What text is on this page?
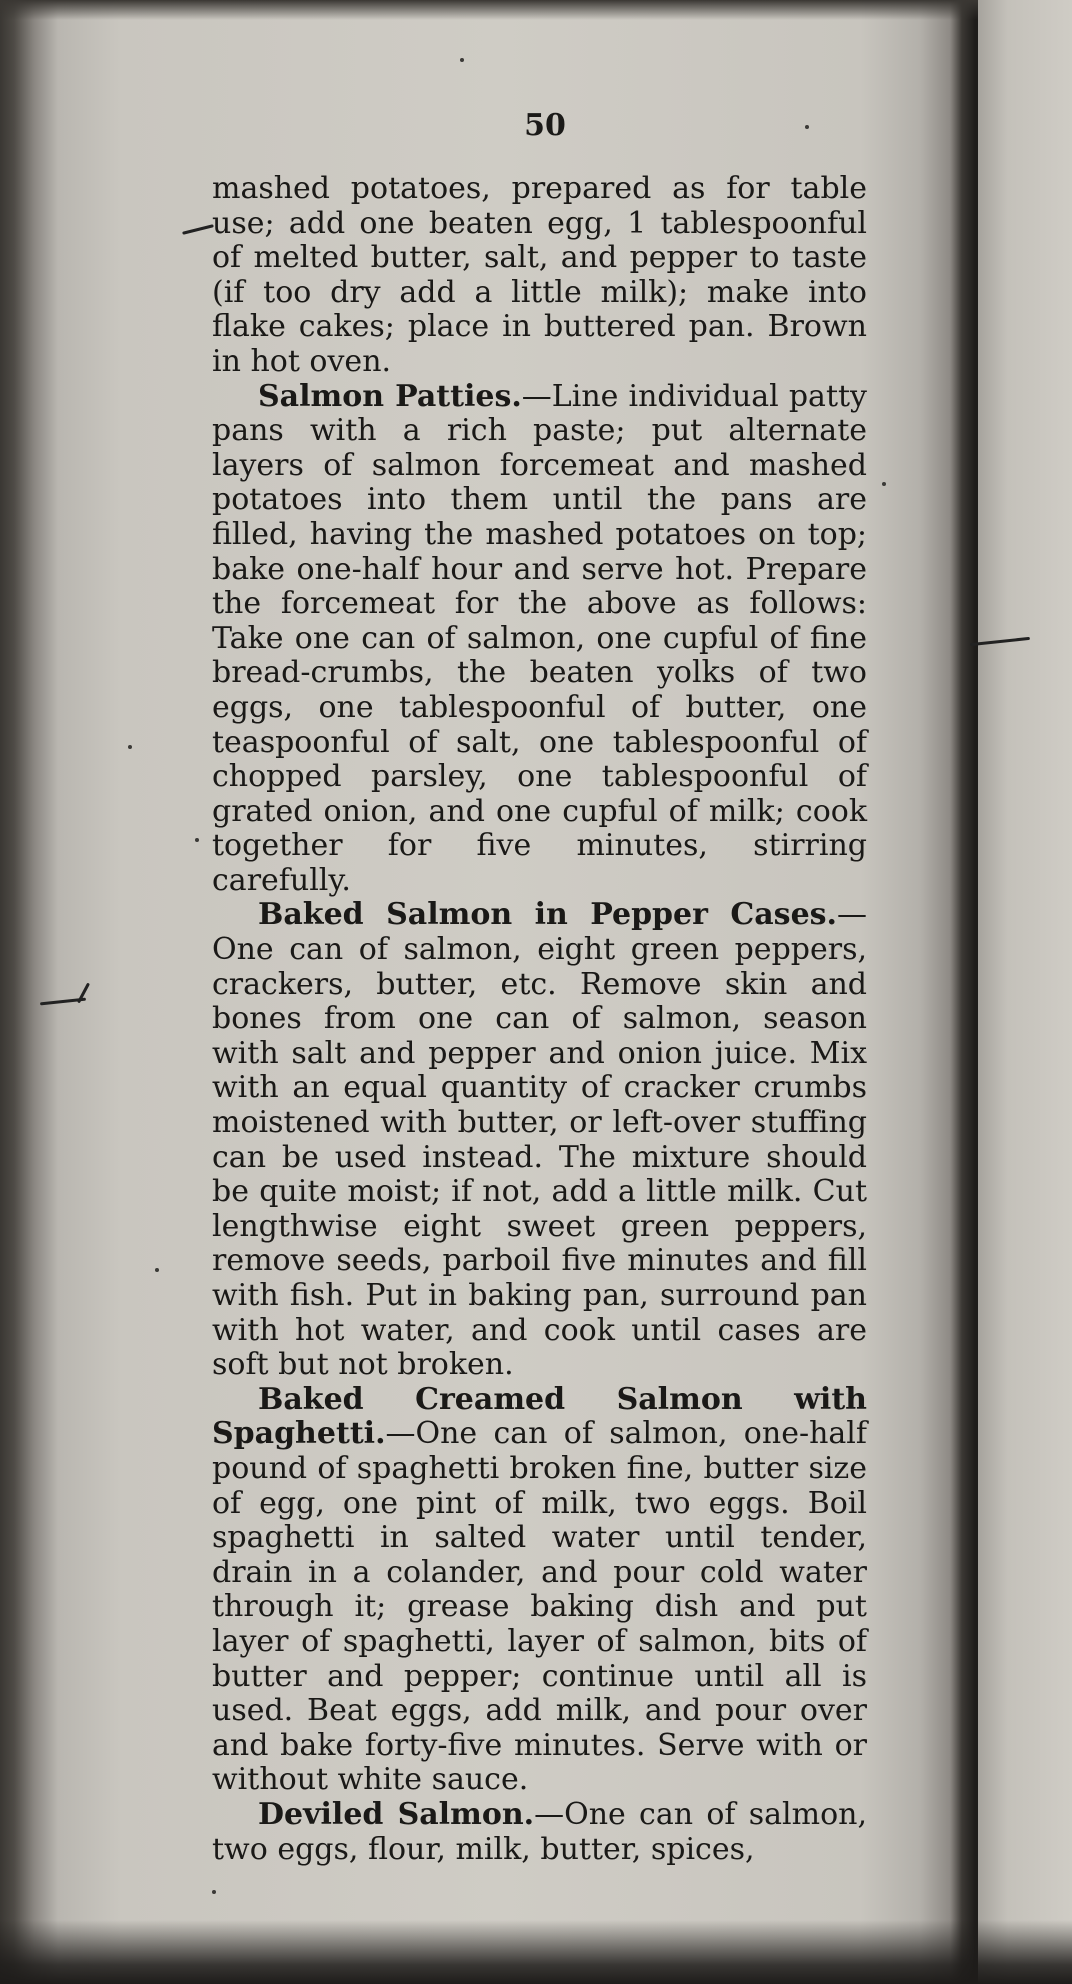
50

mashed potatoes, prepared as for table use; add one beaten egg, 1 tablespoonful of melted butter, salt, and pepper to taste (if too dry add a little milk); make into flake cakes; place in buttered pan. Brown in hot oven.

Salmon Patties.—Line individual patty pans with a rich paste; put alternate layers of salmon forcemeat and mashed potatoes into them until the pans are filled, having the mashed potatoes on top; bake one-half hour and serve hot. Prepare the forcemeat for the above as follows: Take one can of salmon, one cupful of fine bread-crumbs, the beaten yolks of two eggs, one tablespoonful of butter, one teaspoonful of salt, one tablespoonful of chopped parsley, one tablespoonful of grated onion, and one cupful of milk; cook together for five minutes, stirring carefully.

Baked Salmon in Pepper Cases.—One can of salmon, eight green peppers, crackers, butter, etc. Remove skin and bones from one can of salmon, season with salt and pepper and onion juice. Mix with an equal quantity of cracker crumbs moistened with butter, or left-over stuffing can be used instead. The mixture should be quite moist; if not, add a little milk. Cut lengthwise eight sweet green peppers, remove seeds, parboil five minutes and fill with fish. Put in baking pan, surround pan with hot water, and cook until cases are soft but not broken.

Baked Creamed Salmon with Spaghetti.—One can of salmon, one-half pound of spaghetti broken fine, butter size of egg, one pint of milk, two eggs. Boil spaghetti in salted water until tender, drain in a colander, and pour cold water through it; grease baking dish and put layer of spaghetti, layer of salmon, bits of butter and pepper; continue until all is used. Beat eggs, add milk, and pour over and bake forty-five minutes. Serve with or without white sauce.

Deviled Salmon.—One can of salmon, two eggs, flour, milk, butter, spices,
